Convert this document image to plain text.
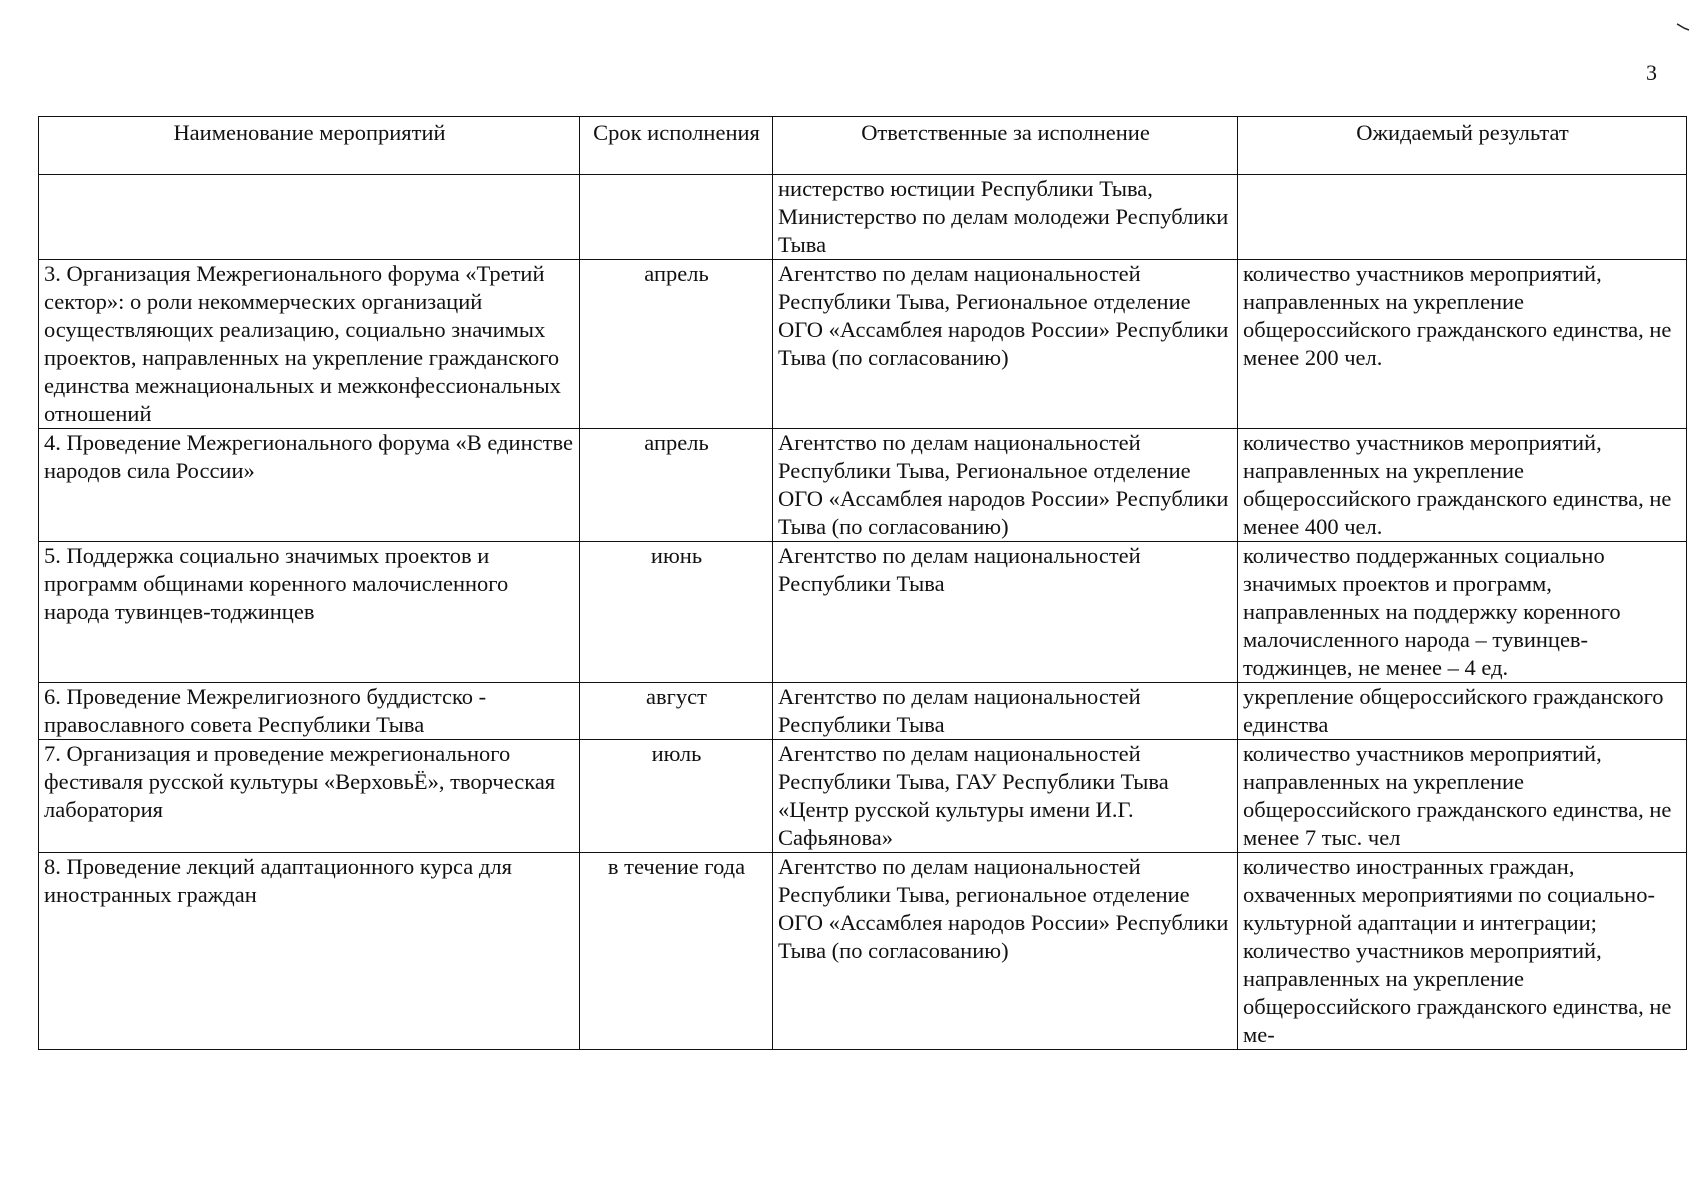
3
Наименование мероприятий	Срок исполнения	Ответственные за исполнение	Ожидаемый результат
		нистерство юстиции Республики Тыва, Министерство по делам молодежи Республики Тыва	
3. Организация Межрегионального форума «Третий сектор»: о роли некоммерческих организаций осуществляющих реализацию, социально значимых проектов, направленных на укрепление гражданского единства межнациональных и межконфессиональных отношений	апрель	Агентство по делам национальностей Республики Тыва, Региональное отделение ОГО «Ассамблея народов России» Республики Тыва (по согласованию)	количество участников мероприятий, направленных на укрепление общероссийского гражданского единства, не менее 200 чел.
4. Проведение Межрегионального форума «В единстве народов сила России»	апрель	Агентство по делам национальностей Республики Тыва, Региональное отделение ОГО «Ассамблея народов России» Республики Тыва (по согласованию)	количество участников мероприятий, направленных на укрепление общероссийского гражданского единства, не менее 400 чел.
5. Поддержка социально значимых проектов и программ общинами коренного малочисленного народа тувинцев-тоджинцев	июнь	Агентство по делам национальностей Республики Тыва	количество поддержанных социально значимых проектов и программ, направленных на поддержку коренного малочисленного народа – тувинцев-тоджинцев, не менее – 4 ед.
6. Проведение Межрелигиозного буддистско - православного совета Республики Тыва	август	Агентство по делам национальностей Республики Тыва	укрепление общероссийского гражданского единства
7. Организация и проведение межрегионального фестиваля русской культуры «ВерховьЁ», творческая лаборатория	июль	Агентство по делам национальностей Республики Тыва, ГАУ Республики Тыва «Центр русской культуры имени И.Г. Сафьянова»	количество участников мероприятий, направленных на укрепление общероссийского гражданского единства, не менее 7 тыс. чел
8. Проведение лекций адаптационного курса для иностранных граждан	в течение года	Агентство по делам национальностей Республики Тыва, региональное отделение ОГО «Ассамблея народов России» Республики Тыва (по согласованию)	количество иностранных граждан, охваченных мероприятиями по социально-культурной адаптации и интеграции; количество участников мероприятий, направленных на укрепление общероссийского гражданского единства, не ме-
